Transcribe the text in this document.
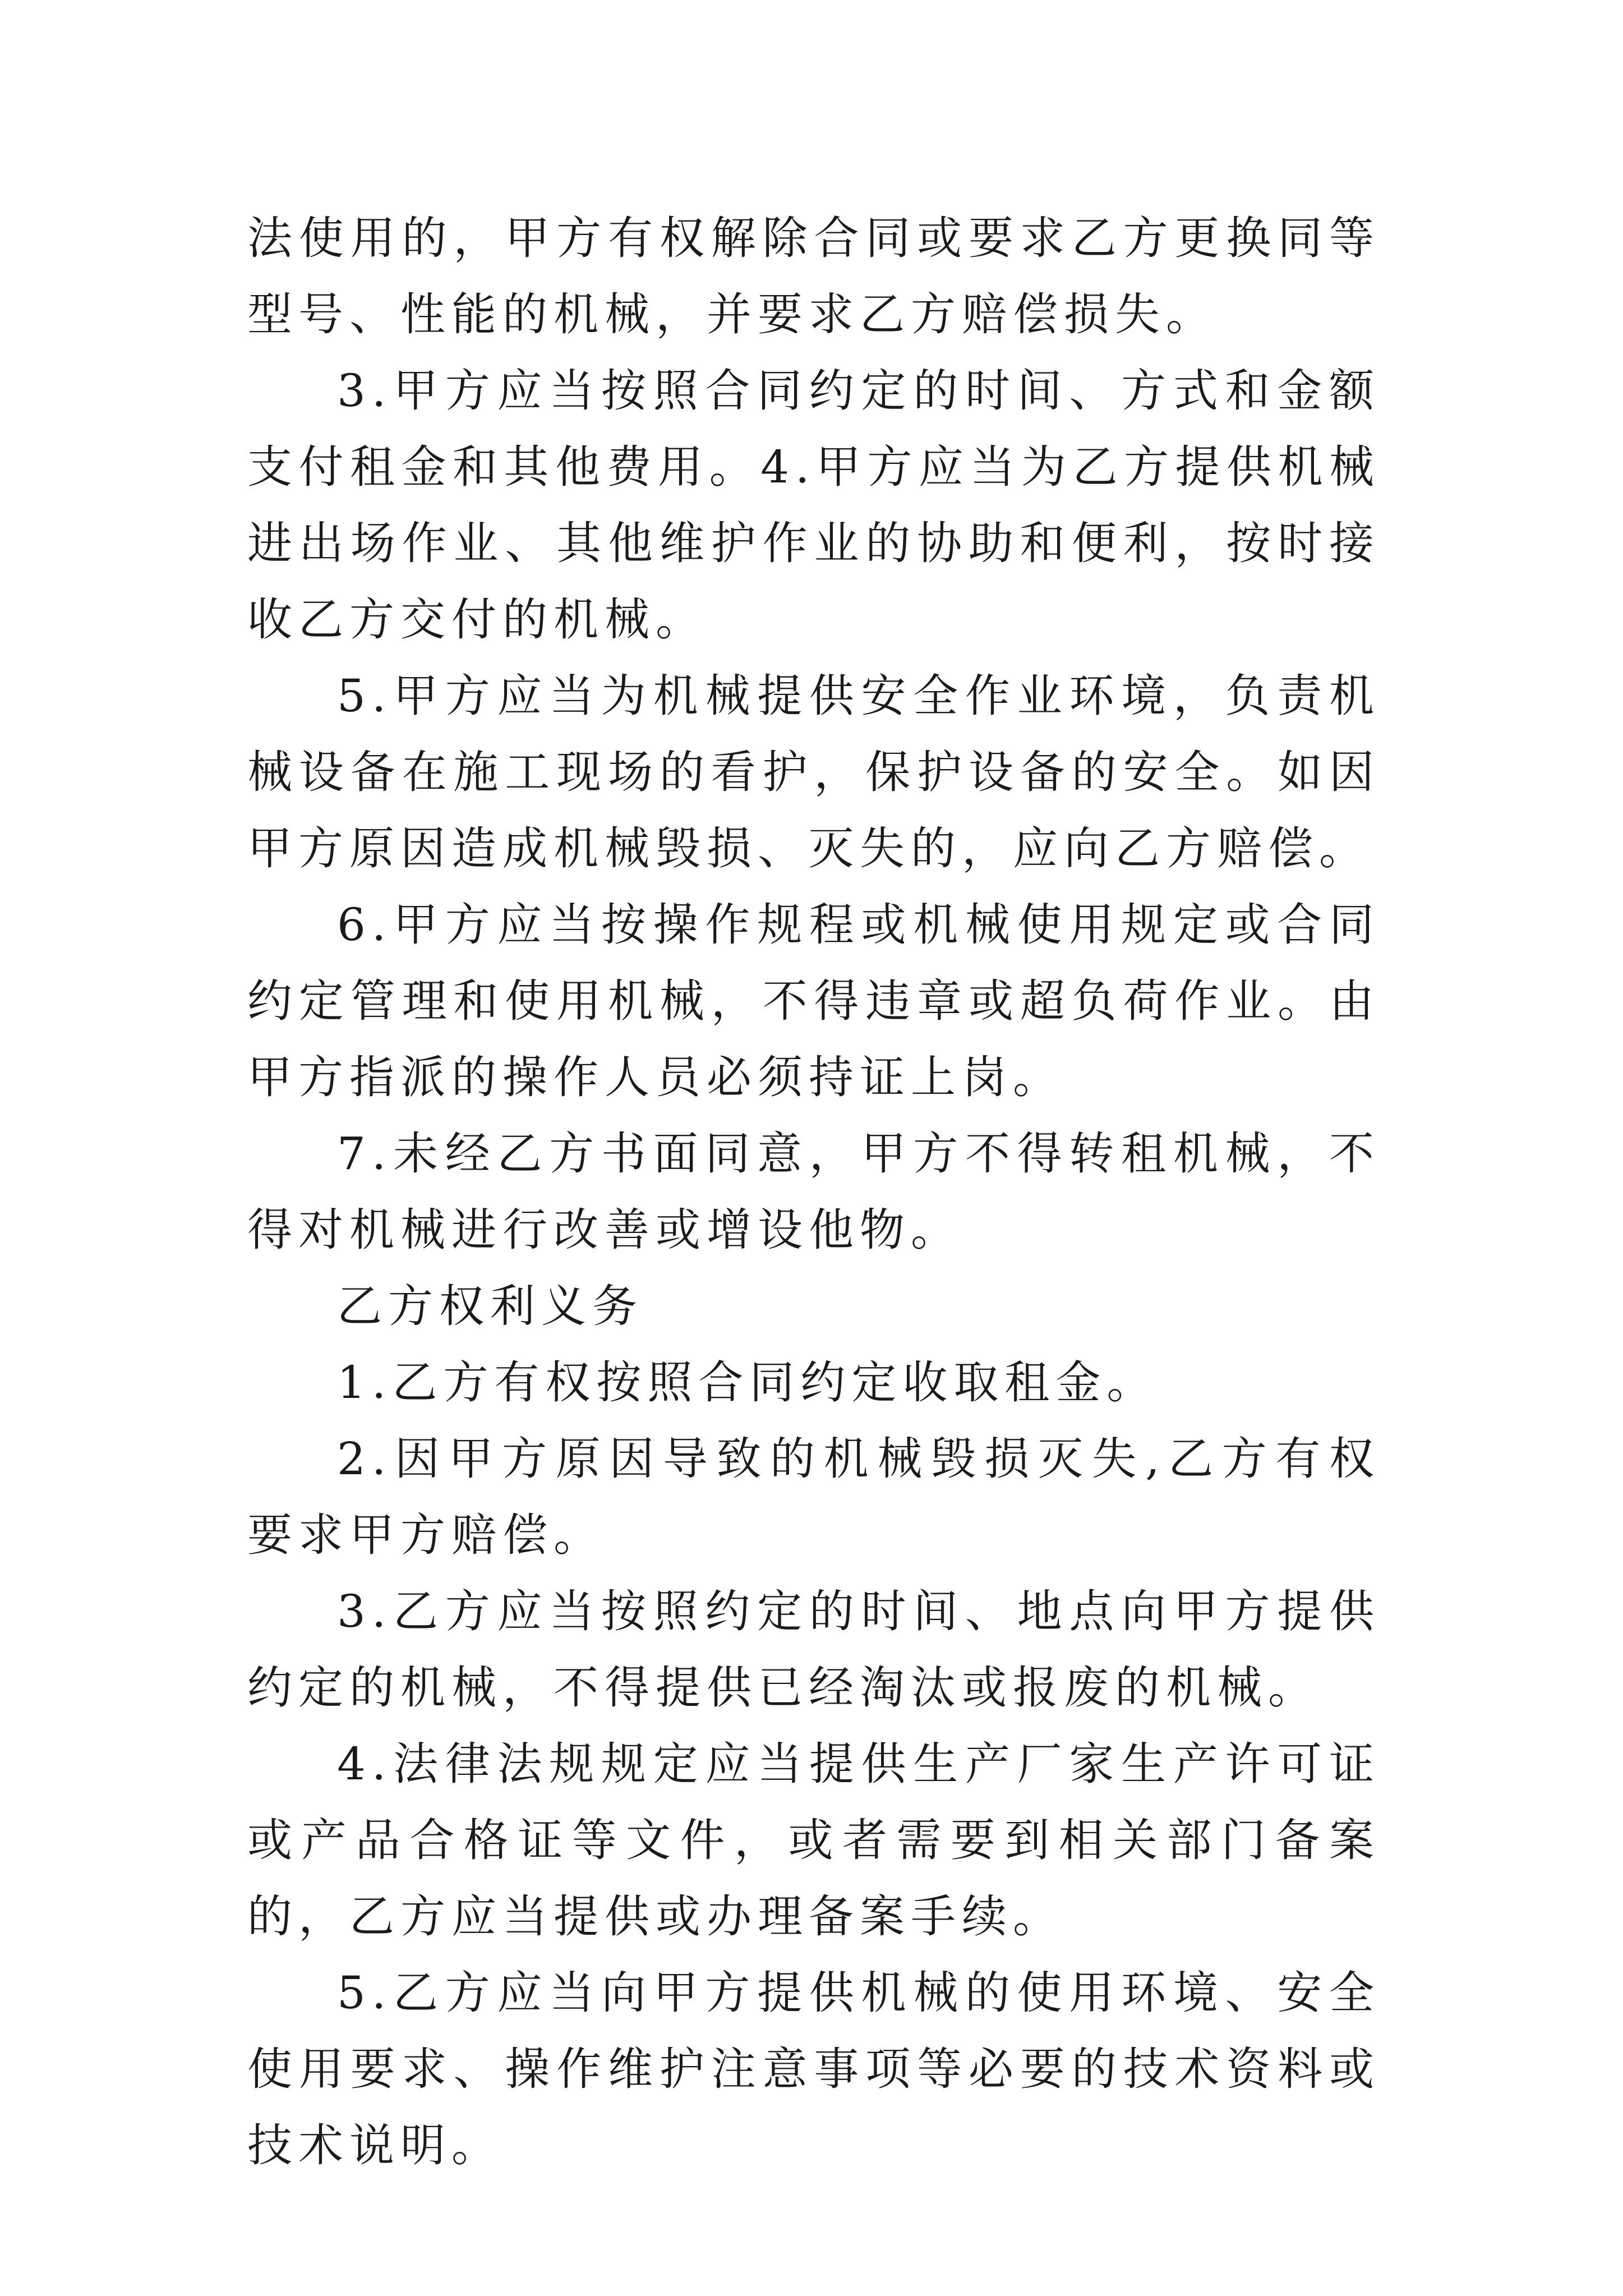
法使用的，甲方有权解除合同或要求乙方更换同等型号、性能的机械，并要求乙方赔偿损失。

3.甲方应当按照合同约定的时间、方式和金额支付租金和其他费用。4.甲方应当为乙方提供机械进出场作业、其他维护作业的协助和便利，按时接收乙方交付的机械。

5.甲方应当为机械提供安全作业环境，负责机械设备在施工现场的看护，保护设备的安全。如因甲方原因造成机械毁损、灭失的，应向乙方赔偿。

6.甲方应当按操作规程或机械使用规定或合同约定管理和使用机械，不得违章或超负荷作业。由甲方指派的操作人员必须持证上岗。

7.未经乙方书面同意，甲方不得转租机械，不得对机械进行改善或增设他物。

乙方权利义务

1.乙方有权按照合同约定收取租金。

2.因甲方原因导致的机械毁损灭失,乙方有权要求甲方赔偿。

3.乙方应当按照约定的时间、地点向甲方提供约定的机械，不得提供已经淘汰或报废的机械。

4.法律法规规定应当提供生产厂家生产许可证或产品合格证等文件，或者需要到相关部门备案的，乙方应当提供或办理备案手续。

5.乙方应当向甲方提供机械的使用环境、安全使用要求、操作维护注意事项等必要的技术资料或技术说明。
